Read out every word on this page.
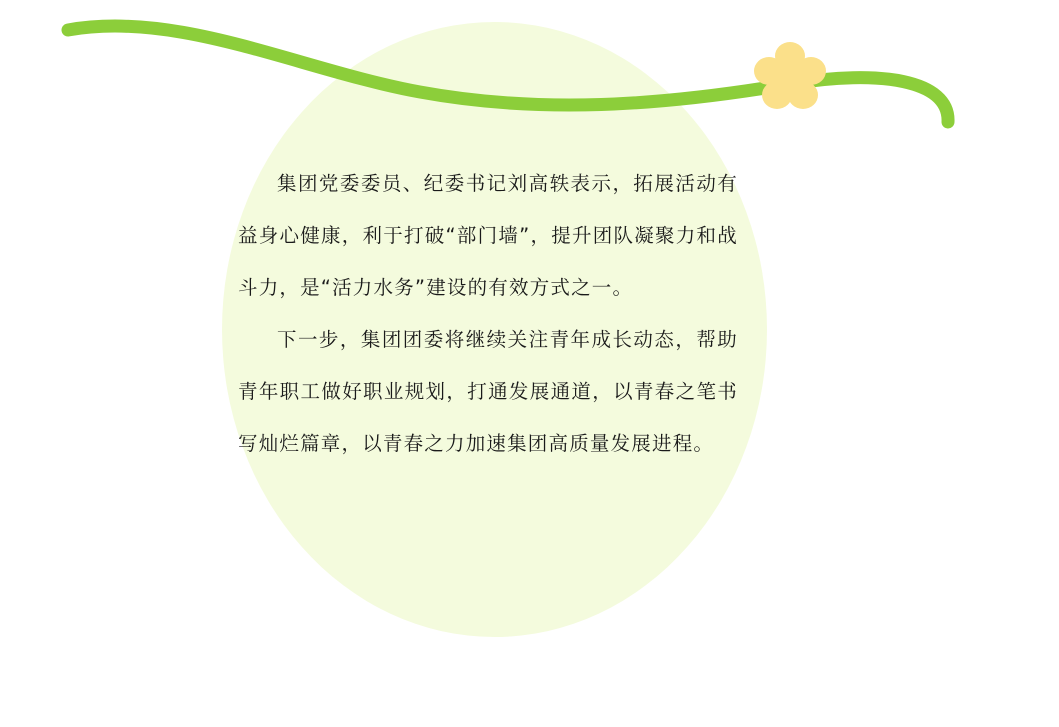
集团党委委员、纪委书记刘高轶表示，拓展活动有益身心健康，利于打破“部门墙”，提升团队凝聚力和战斗力，是“活力水务”建设的有效方式之一。

下一步，集团团委将继续关注青年成长动态，帮助青年职工做好职业规划，打通发展通道，以青春之笔书写灿烂篇章，以青春之力加速集团高质量发展进程。
